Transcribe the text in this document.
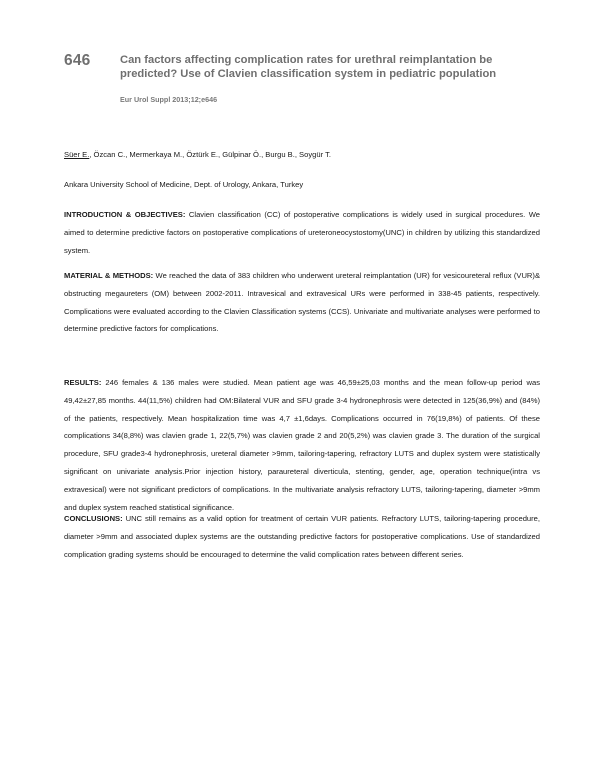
646	Can factors affecting complication rates for urethral reimplantation be predicted? Use of Clavien classification system in pediatric population
Eur Urol Suppl 2013;12;e646
Süer E., Özcan C., Mermerkaya M., Öztürk E., Gülpinar Ö., Burgu B., Soygür T.
Ankara University School of Medicine, Dept. of Urology, Ankara, Turkey
INTRODUCTION & OBJECTIVES: Clavien classification (CC) of postoperative complications is widely used in surgical procedures. We aimed to determine predictive factors on postoperative complications of ureteroneocystostomy(UNC) in children by utilizing this standardized system.
MATERIAL & METHODS: We reached the data of 383 children who underwent ureteral reimplantation (UR) for vesicoureteral reflux (VUR)& obstructing megaureters (OM) between 2002-2011. Intravesical and extravesical URs were performed in 338-45 patients, respectively. Complications were evaluated according to the Clavien Classification systems (CCS). Univariate and multivariate analyses were performed to determine predictive factors for complications.
RESULTS: 246 females & 136 males were studied. Mean patient age was 46,59±25,03 months and the mean follow-up period was 49,42±27,85 months. 44(11,5%) children had OM:Bilateral VUR and SFU grade 3-4 hydronephrosis were detected in 125(36,9%) and (84%) of the patients, respectively. Mean hospitalization time was 4,7 ±1,6days. Complications occurred in 76(19,8%) of patients. Of these complications 34(8,8%) was clavien grade 1, 22(5,7%) was clavien grade 2 and 20(5,2%) was clavien grade 3. The duration of the surgical procedure, SFU grade3-4 hydronephrosis, ureteral diameter >9mm, tailoring-tapering, refractory LUTS and duplex system were statistically significant on univariate analysis.Prior injection history, paraureteral diverticula, stenting, gender, age, operation technique(intra vs extravesical) were not significant predictors of complications. In the multivariate analysis refractory LUTS, tailoring-tapering, diameter >9mm and duplex system reached statistical significance.
CONCLUSIONS: UNC still remains as a valid option for treatment of certain VUR patients. Refractory LUTS, tailoring-tapering procedure, diameter >9mm and associated duplex systems are the outstanding predictive factors for postoperative complications. Use of standardized complication grading systems should be encouraged to determine the valid complication rates between different series.
